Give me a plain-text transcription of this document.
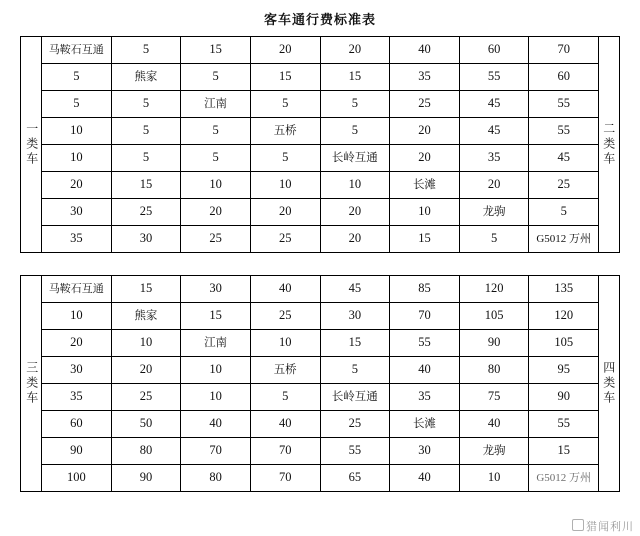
客车通行费标准表
一类车
马鞍石互通	5	15	20	20	40	60	70
5	熊家	5	15	15	35	55	60
5	5	江南	5	5	25	45	55
10	5	5	五桥	5	20	45	55
10	5	5	5	长岭互通	20	35	45
20	15	10	10	10	长滩	20	25
30	25	20	20	20	10	龙驹	5
35	30	25	25	20	15	5	G5012 万州
二类车
三类车
马鞍石互通	15	30	40	45	85	120	135
10	熊家	15	25	30	70	105	120
20	10	江南	10	15	55	90	105
30	20	10	五桥	5	40	80	95
35	25	10	5	长岭互通	35	75	90
60	50	40	40	25	长滩	40	55
90	80	70	70	55	30	龙驹	15
100	90	80	70	65	40	10	G5012 万州
四类车
猎闻利川
